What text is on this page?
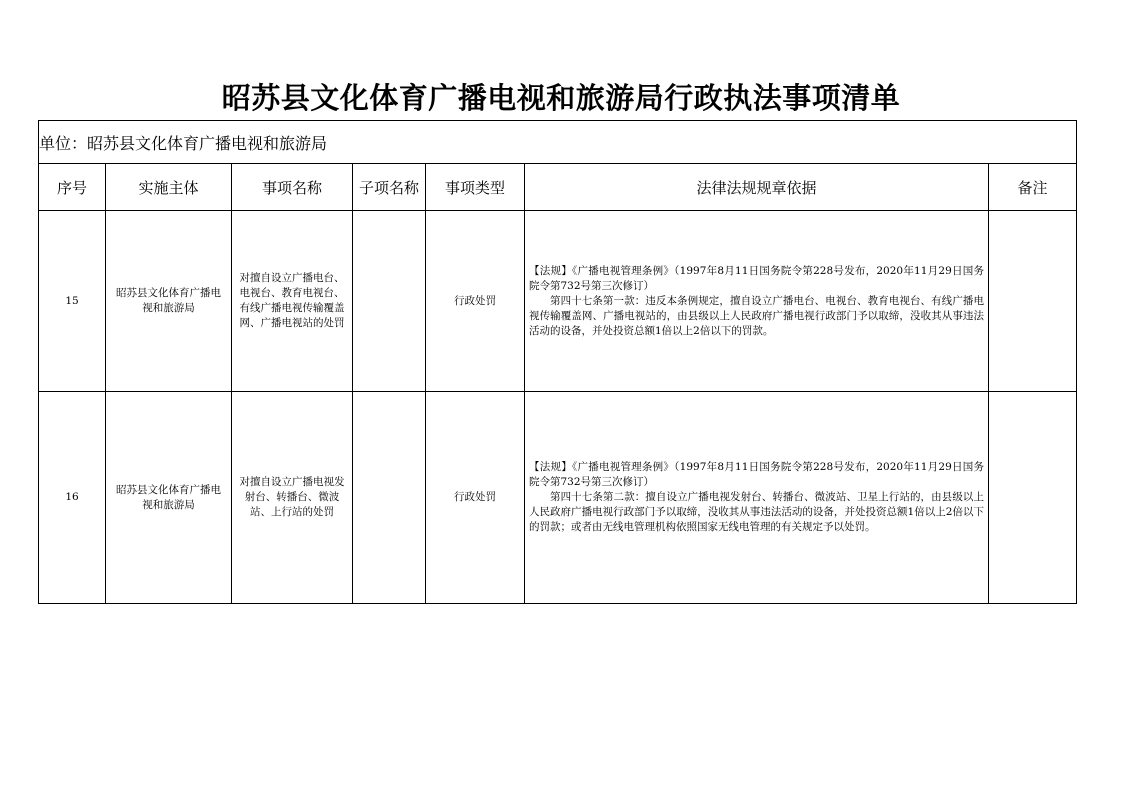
昭苏县文化体育广播电视和旅游局行政执法事项清单
单位：昭苏县文化体育广播电视和旅游局						
序号	实施主体	事项名称	子项名称	事项类型	法律法规规章依据	备注
15	昭苏县文化体育广播电视和旅游局	对擅自设立广播电台、电视台、教育电视台、有线广播电视传输覆盖网、广播电视站的处罚		行政处罚	【法规】《广播电视管理条例》（1997年8月11日国务院令第228号发布，2020年11月29日国务院令第732号第三次修订）
第四十七条第一款：违反本条例规定，擅自设立广播电台、电视台、教育电视台、有线广播电视传输覆盖网、广播电视站的，由县级以上人民政府广播电视行政部门予以取缔，没收其从事违法活动的设备，并处投资总额1倍以上2倍以下的罚款。	

16	昭苏县文化体育广播电视和旅游局	对擅自设立广播电视发射台、转播台、微波站、上行站的处罚		行政处罚	【法规】《广播电视管理条例》（1997年8月11日国务院令第228号发布，2020年11月29日国务院令第732号第三次修订）
第四十七条第二款：擅自设立广播电视发射台、转播台、微波站、卫星上行站的，由县级以上人民政府广播电视行政部门予以取缔，没收其从事违法活动的设备，并处投资总额1倍以上2倍以下的罚款；或者由无线电管理机构依照国家无线电管理的有关规定予以处罚。	
